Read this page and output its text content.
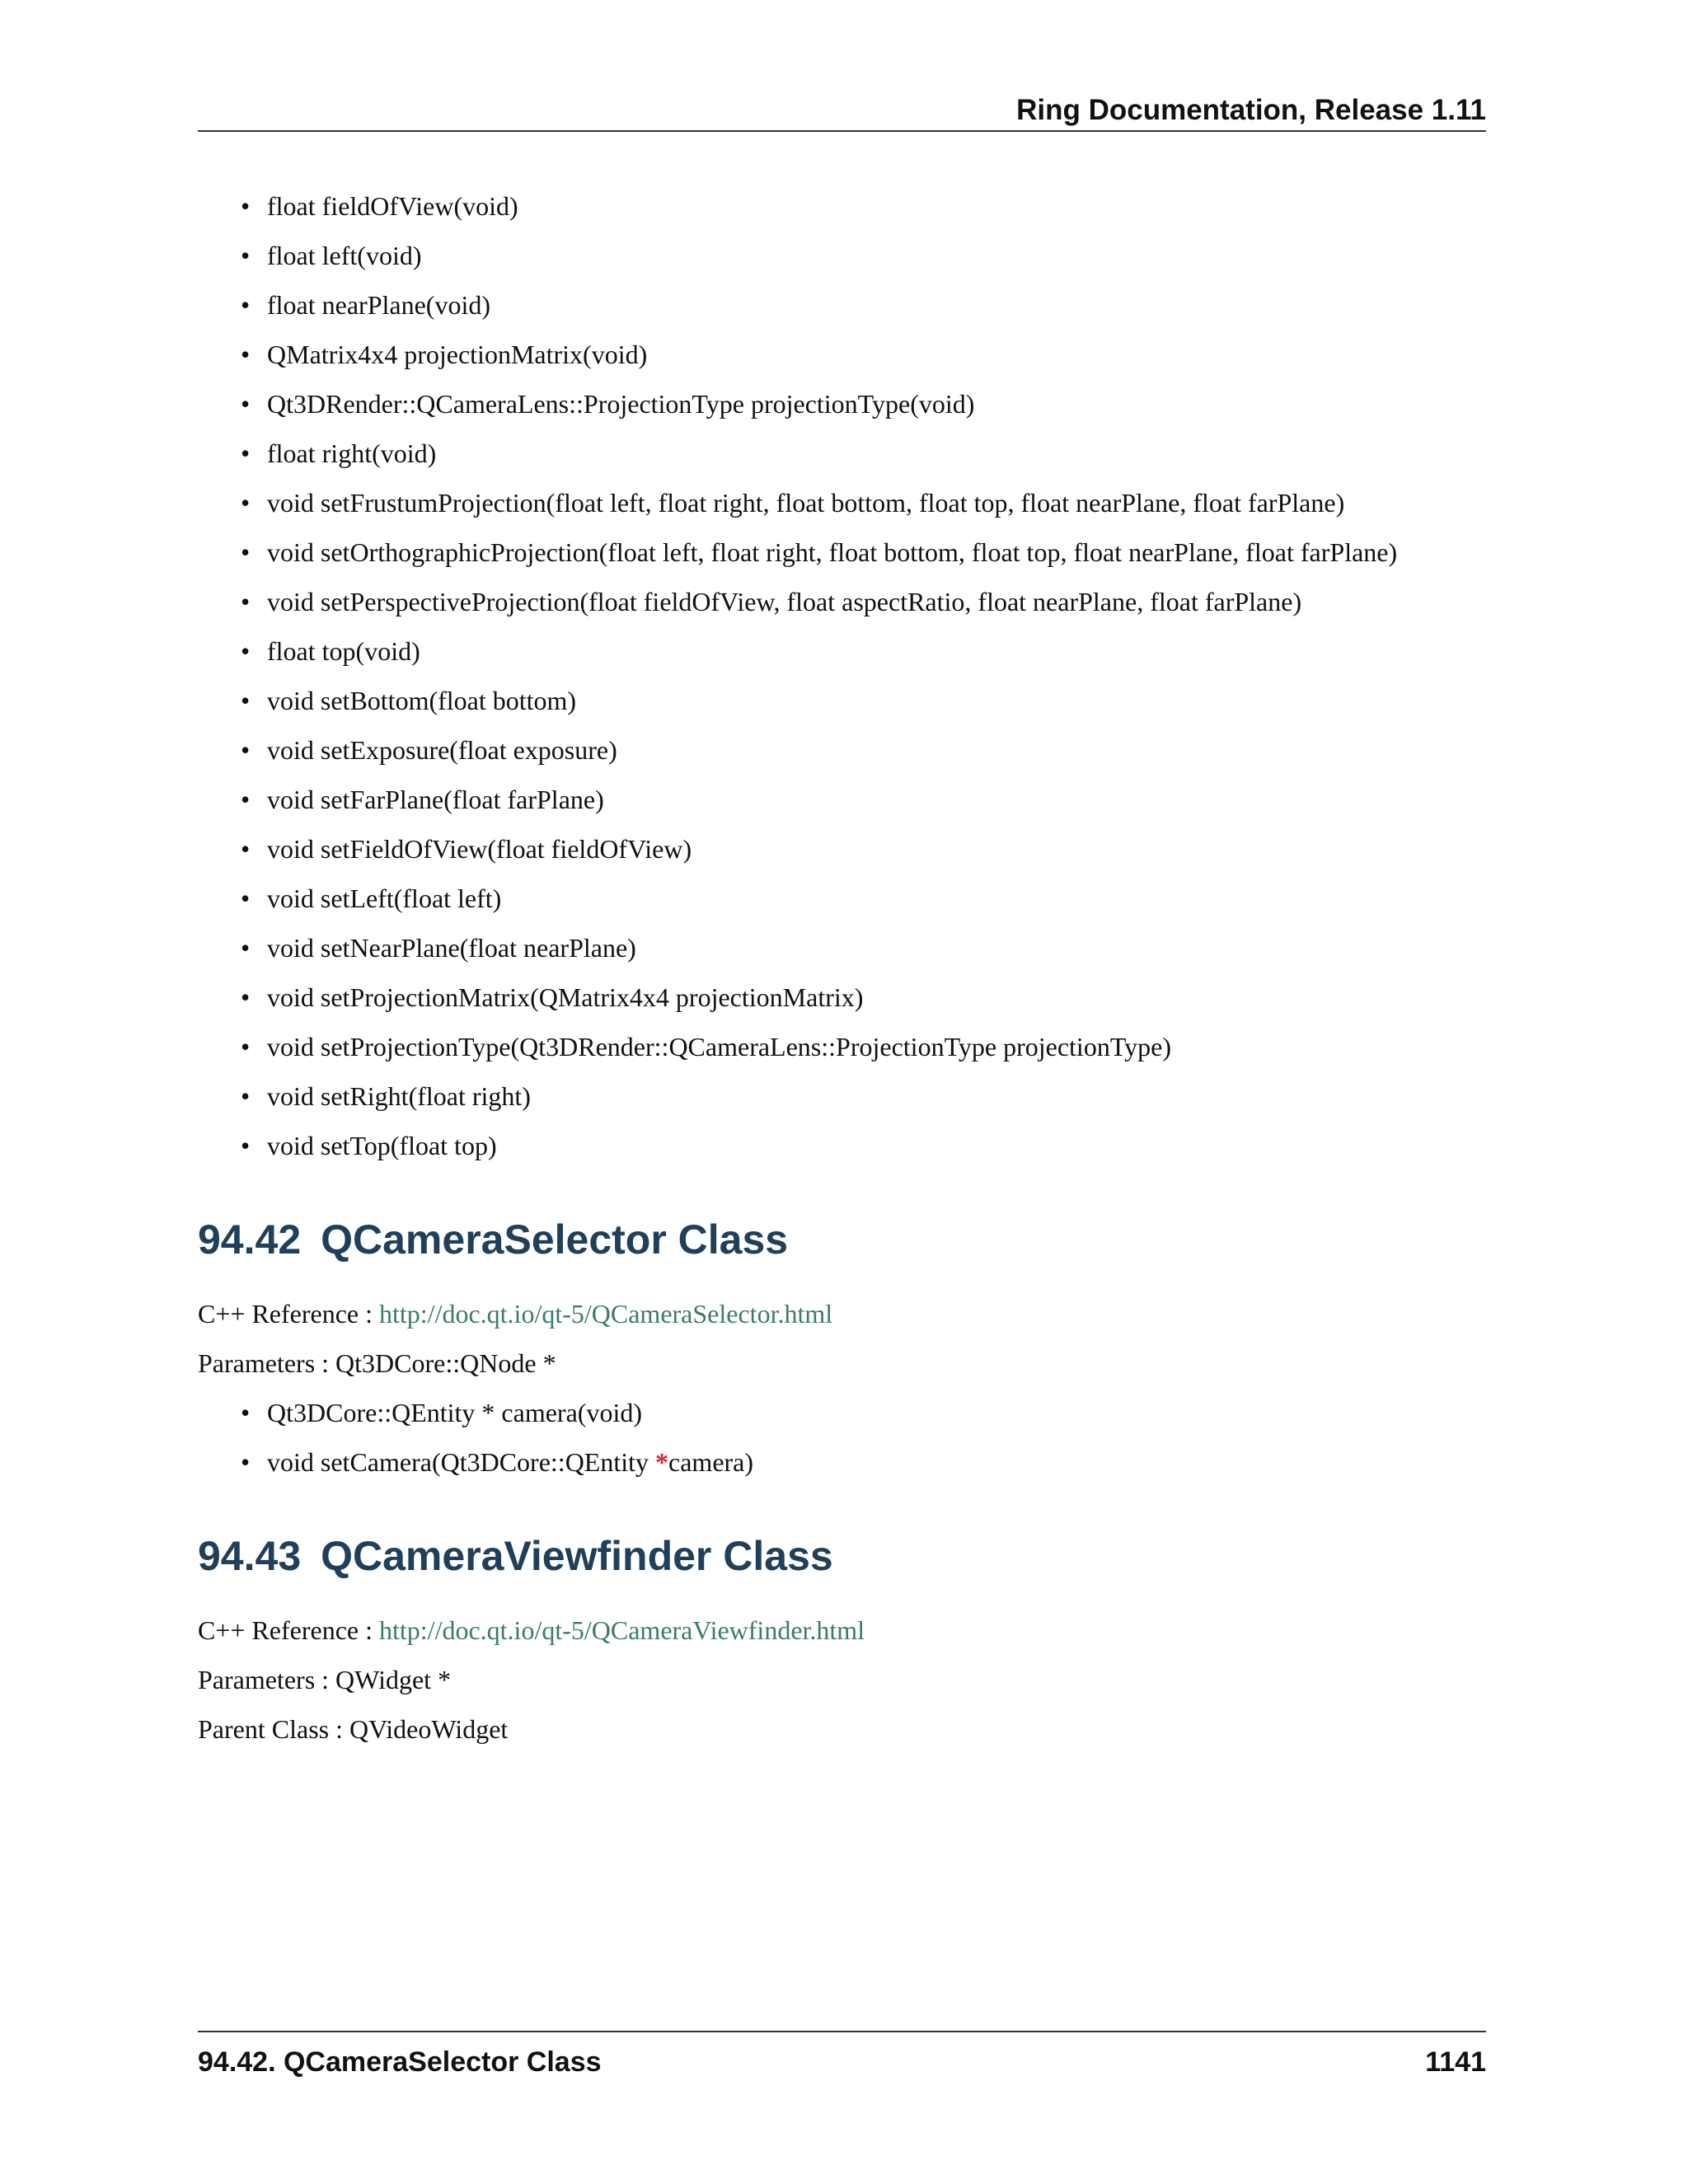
Ring Documentation, Release 1.11
• float fieldOfView(void)
• float left(void)
• float nearPlane(void)
• QMatrix4x4 projectionMatrix(void)
• Qt3DRender::QCameraLens::ProjectionType projectionType(void)
• float right(void)
• void setFrustumProjection(float left, float right, float bottom, float top, float nearPlane, float farPlane)
• void setOrthographicProjection(float left, float right, float bottom, float top, float nearPlane, float farPlane)
• void setPerspectiveProjection(float fieldOfView, float aspectRatio, float nearPlane, float farPlane)
• float top(void)
• void setBottom(float bottom)
• void setExposure(float exposure)
• void setFarPlane(float farPlane)
• void setFieldOfView(float fieldOfView)
• void setLeft(float left)
• void setNearPlane(float nearPlane)
• void setProjectionMatrix(QMatrix4x4 projectionMatrix)
• void setProjectionType(Qt3DRender::QCameraLens::ProjectionType projectionType)
• void setRight(float right)
• void setTop(float top)
94.42 QCameraSelector Class

C++ Reference : http://doc.qt.io/qt-5/QCameraSelector.html

Parameters : Qt3DCore::QNode *

• Qt3DCore::QEntity * camera(void)
• void setCamera(Qt3DCore::QEntity *camera)
94.43 QCameraViewfinder Class

C++ Reference : http://doc.qt.io/qt-5/QCameraViewfinder.html

Parameters : QWidget *

Parent Class : QVideoWidget

94.42. QCameraSelector Class	1141
